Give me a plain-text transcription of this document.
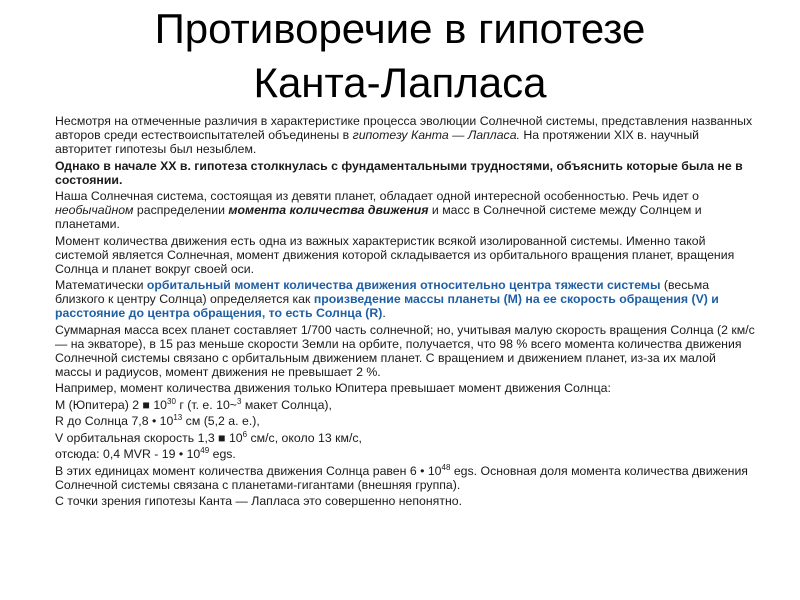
Противоречие в гипотезе
Канта-Лапласа

Несмотря на отмеченные различия в характеристике процесса эволюции Солнечной системы, представления названных авторов среди естествоиспытателей объединены в гипотезу Канта — Лапласа. На протяжении XIX в. научный авторитет гипотезы был незыблем.

Однако в начале XX в. гипотеза столкнулась с фундаментальными трудностями, объяснить которые была не в состоянии.

Наша Солнечная система, состоящая из девяти планет, обладает одной интересной особенностью. Речь идет о необычайном распределении момента количества движения и масс в Солнечной системе между Солнцем и планетами.

Момент количества движения есть одна из важных характеристик всякой изолированной системы. Именно такой системой является Солнечная, момент движения которой складывается из орбитального вращения планет, вращения Солнца и планет вокруг своей оси.

Математически орбитальный момент количества движения относительно центра тяжести системы (весьма близкого к центру Солнца) определяется как произведение массы планеты (М) на ее скорость обращения (V) и расстояние до центра обращения, то есть Солнца (R).

Суммарная масса всех планет составляет 1/700 часть солнечной; но, учитывая малую скорость вращения Солнца (2 км/с — на экваторе), в 15 раз меньше скорости Земли на орбите, получается, что 98 % всего момента количества движения Солнечной системы связано с орбитальным движением планет. С вращением и движением планет, из-за их малой массы и радиусов, момент движения не превышает 2 %.

Например, момент количества движения только Юпитера превышает момент движения Солнца:

М (Юпитера) 2 ■ $10^{30}$ г (т. е. 10~$^3$ макет Солнца),

R до Солнца 7,8 • $10^{13}$ см (5,2 а. е.),

V орбитальная скорость 1,3 ■ $10^6$ см/с, около 13 км/с,

отсюда: 0,4 MVR - 19 • $10^{49}$ egs.

В этих единицах момент количества движения Солнца равен 6 • $10^{48}$ egs. Основная доля момента количества движения Солнечной системы связана с планетами-гигантами (внешняя группа).

С точки зрения гипотезы Канта — Лапласа это совершенно непонятно.
